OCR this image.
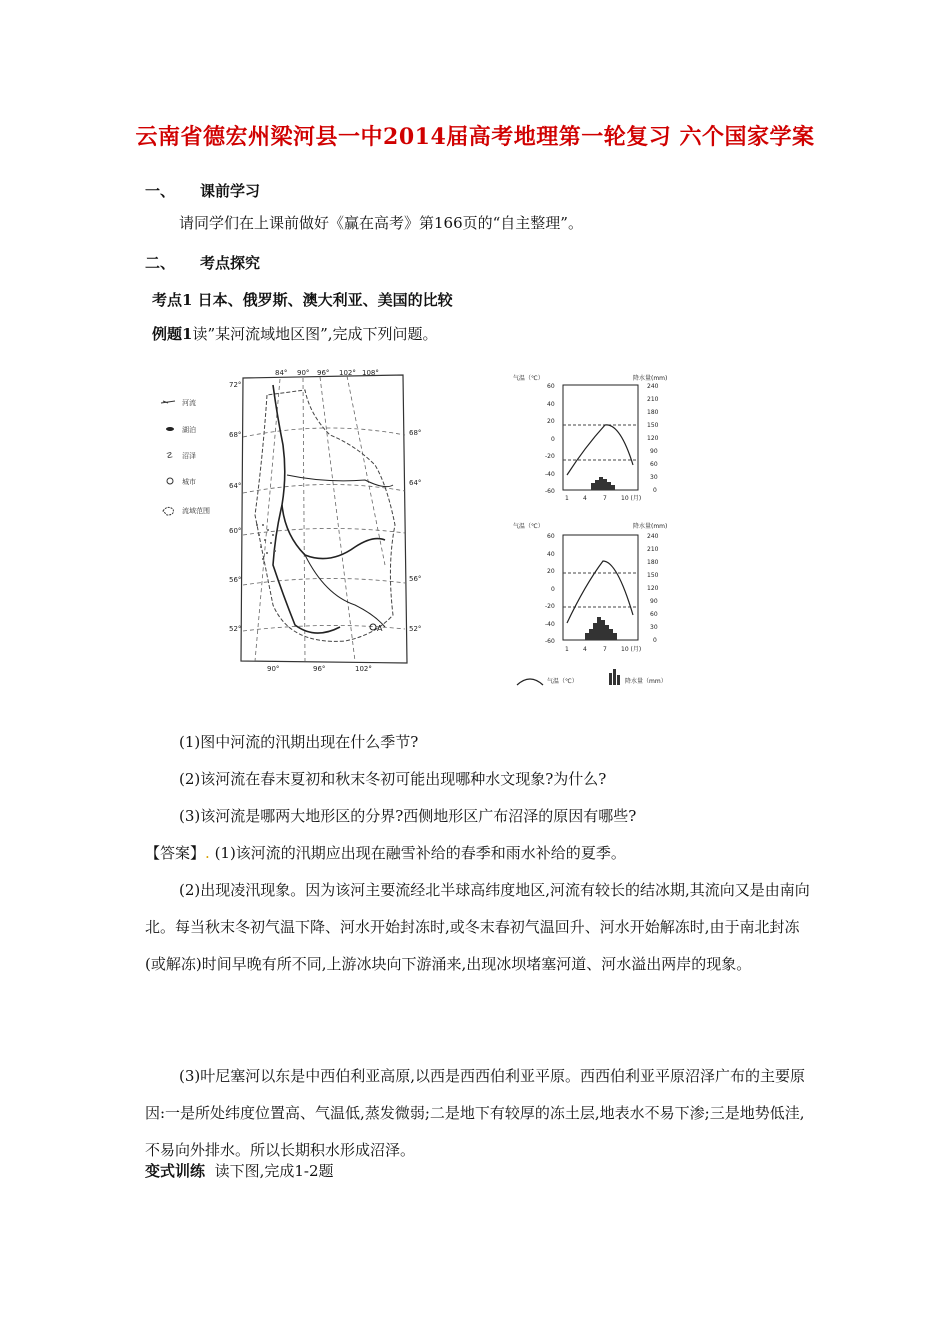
云南省德宏州梁河县一中2014届高考地理第一轮复习 六个国家学案
一、 课前学习
请同学们在上课前做好《赢在高考》第166页的“自主整理”。
二、 考点探究
考点1 日本、俄罗斯、澳大利亚、美国的比较
例题1读”某河流域地区图”,完成下列问题。
河流
湖泊
☡ 沼泽
城市
流域范围
A
84° 90° 96° 102° 108°
90°	96°	102°
72°
68°
64°
60°
56°
52°
68°
64°
56°
52°
气温（℃）	降水量(mm)
60
40
20
0
-20
-40
-60
240
210
180
150
120
90
60
30
0
1 4	7 10 (月)
气温（℃）	降水量(mm)
60
40
20
0
-20
-40
-60
240
210
180
150
120
90
60
30
0
1 4	7 10 (月)
气温（℃）	降水量（mm）
(1)图中河流的汛期出现在什么季节?
(2)该河流在春末夏初和秋末冬初可能出现哪种水文现象?为什么?
(3)该河流是哪两大地形区的分界?西侧地形区广布沼泽的原因有哪些?
【答案】. (1)该河流的汛期应出现在融雪补给的春季和雨水补给的夏季。
(2)出现凌汛现象。因为该河主要流经北半球高纬度地区,河流有较长的结冰期,其流向又是由南向北。每当秋末冬初气温下降、河水开始封冻时,或冬末春初气温回升、河水开始解冻时,由于南北封冻(或解冻)时间早晚有所不同,上游冰块向下游涌来,出现冰坝堵塞河道、河水溢出两岸的现象。
(3)叶尼塞河以东是中西伯利亚高原,以西是西西伯利亚平原。西西伯利亚平原沼泽广布的主要原因:一是所处纬度位置高、气温低,蒸发微弱;二是地下有较厚的冻土层,地表水不易下渗;三是地势低洼,不易向外排水。所以长期积水形成沼泽。
变式训练 读下图,完成1-2题
